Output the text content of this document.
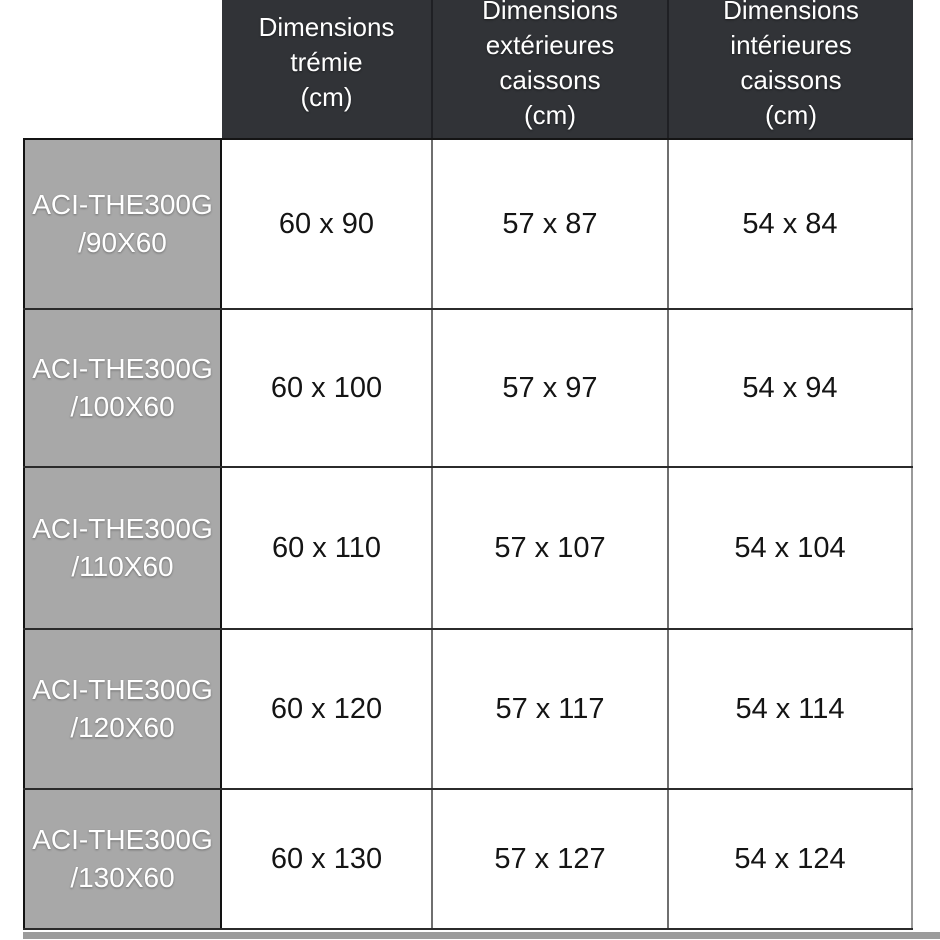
Dimensions
trémie
(cm)
Dimensions
extérieures
caissons
(cm)
Dimensions
intérieures
caissons
(cm)
ACI-THE300G
/90X60
60 x 90	57 x 87	54 x 84
ACI-THE300G
/100X60
60 x 100	57 x 97	54 x 94
ACI-THE300G
/110X60
60 x 110	57 x 107	54 x 104
ACI-THE300G
/120X60
60 x 120	57 x 117	54 x 114
ACI-THE300G
/130X60
60 x 130	57 x 127	54 x 124
